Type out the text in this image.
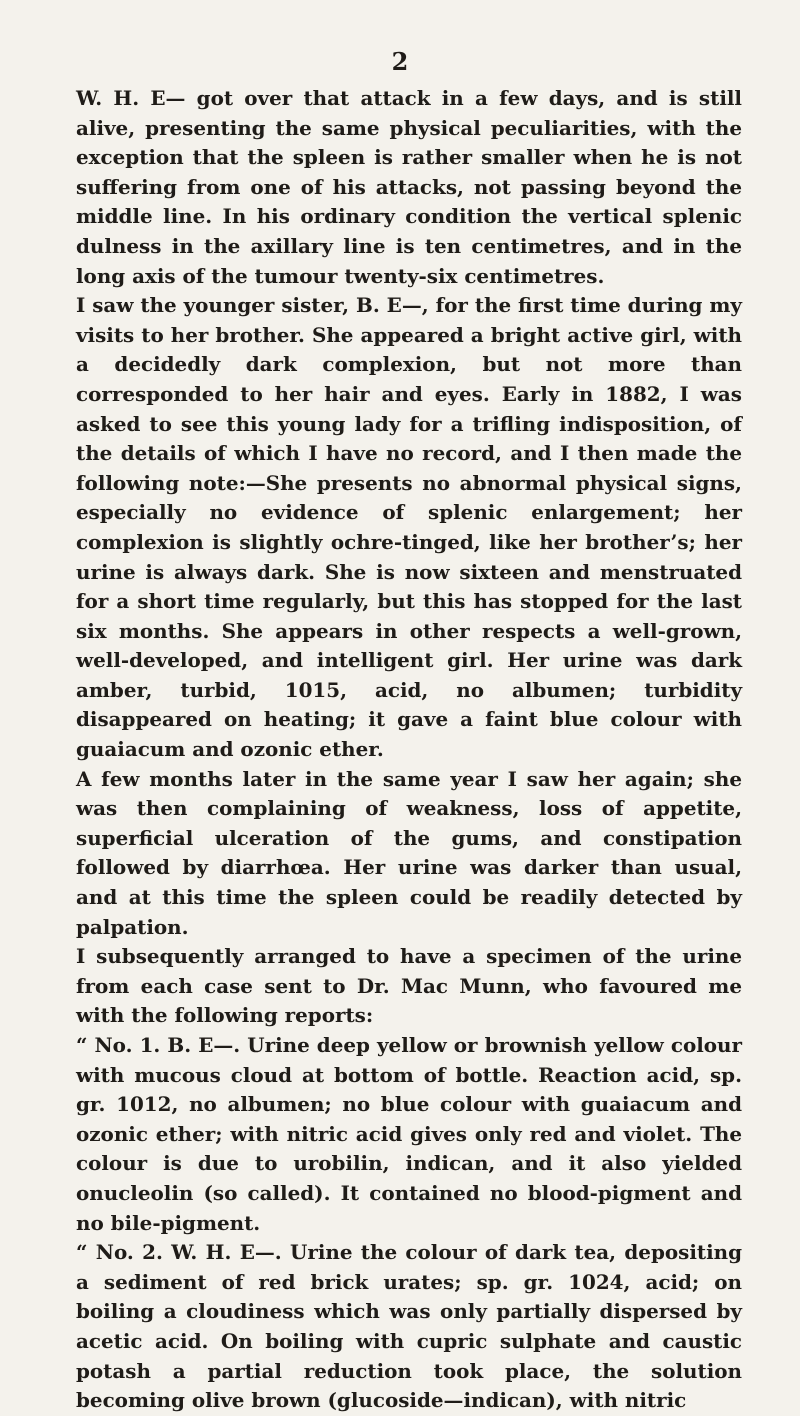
2

W. H. E— got over that attack in a few days, and is still alive, presenting the same physical peculiarities, with the exception that the spleen is rather smaller when he is not suffering from one of his attacks, not passing beyond the middle line. In his ordinary condition the vertical splenic dulness in the axillary line is ten centimetres, and in the long axis of the tumour twenty-six centimetres.

I saw the younger sister, B. E—, for the first time during my visits to her brother. She appeared a bright active girl, with a decidedly dark complexion, but not more than corresponded to her hair and eyes. Early in 1882, I was asked to see this young lady for a trifling indisposition, of the details of which I have no record, and I then made the following note:—She presents no abnormal physical signs, especially no evidence of splenic enlargement; her complexion is slightly ochre-tinged, like her brother’s; her urine is always dark. She is now sixteen and menstruated for a short time regularly, but this has stopped for the last six months. She appears in other respects a well-grown, well-developed, and intelligent girl. Her urine was dark amber, turbid, 1015, acid, no albumen; turbidity disappeared on heating; it gave a faint blue colour with guaiacum and ozonic ether.

A few months later in the same year I saw her again; she was then complaining of weakness, loss of appetite, superficial ulceration of the gums, and constipation followed by diarrhœa. Her urine was darker than usual, and at this time the spleen could be readily detected by palpation.

I subsequently arranged to have a specimen of the urine from each case sent to Dr. Mac Munn, who favoured me with the following reports:

“ No. 1. B. E—. Urine deep yellow or brownish yellow colour with mucous cloud at bottom of bottle. Reaction acid, sp. gr. 1012, no albumen; no blue colour with guaiacum and ozonic ether; with nitric acid gives only red and violet. The colour is due to urobilin, indican, and it also yielded onucleolin (so called). It contained no blood-pigment and no bile-pigment.

“ No. 2. W. H. E—. Urine the colour of dark tea, depositing a sediment of red brick urates; sp. gr. 1024, acid; on boiling a cloudiness which was only partially dispersed by acetic acid. On boiling with cupric sulphate and caustic potash a partial reduction took place, the solution becoming olive brown (glucoside—indican), with nitric
